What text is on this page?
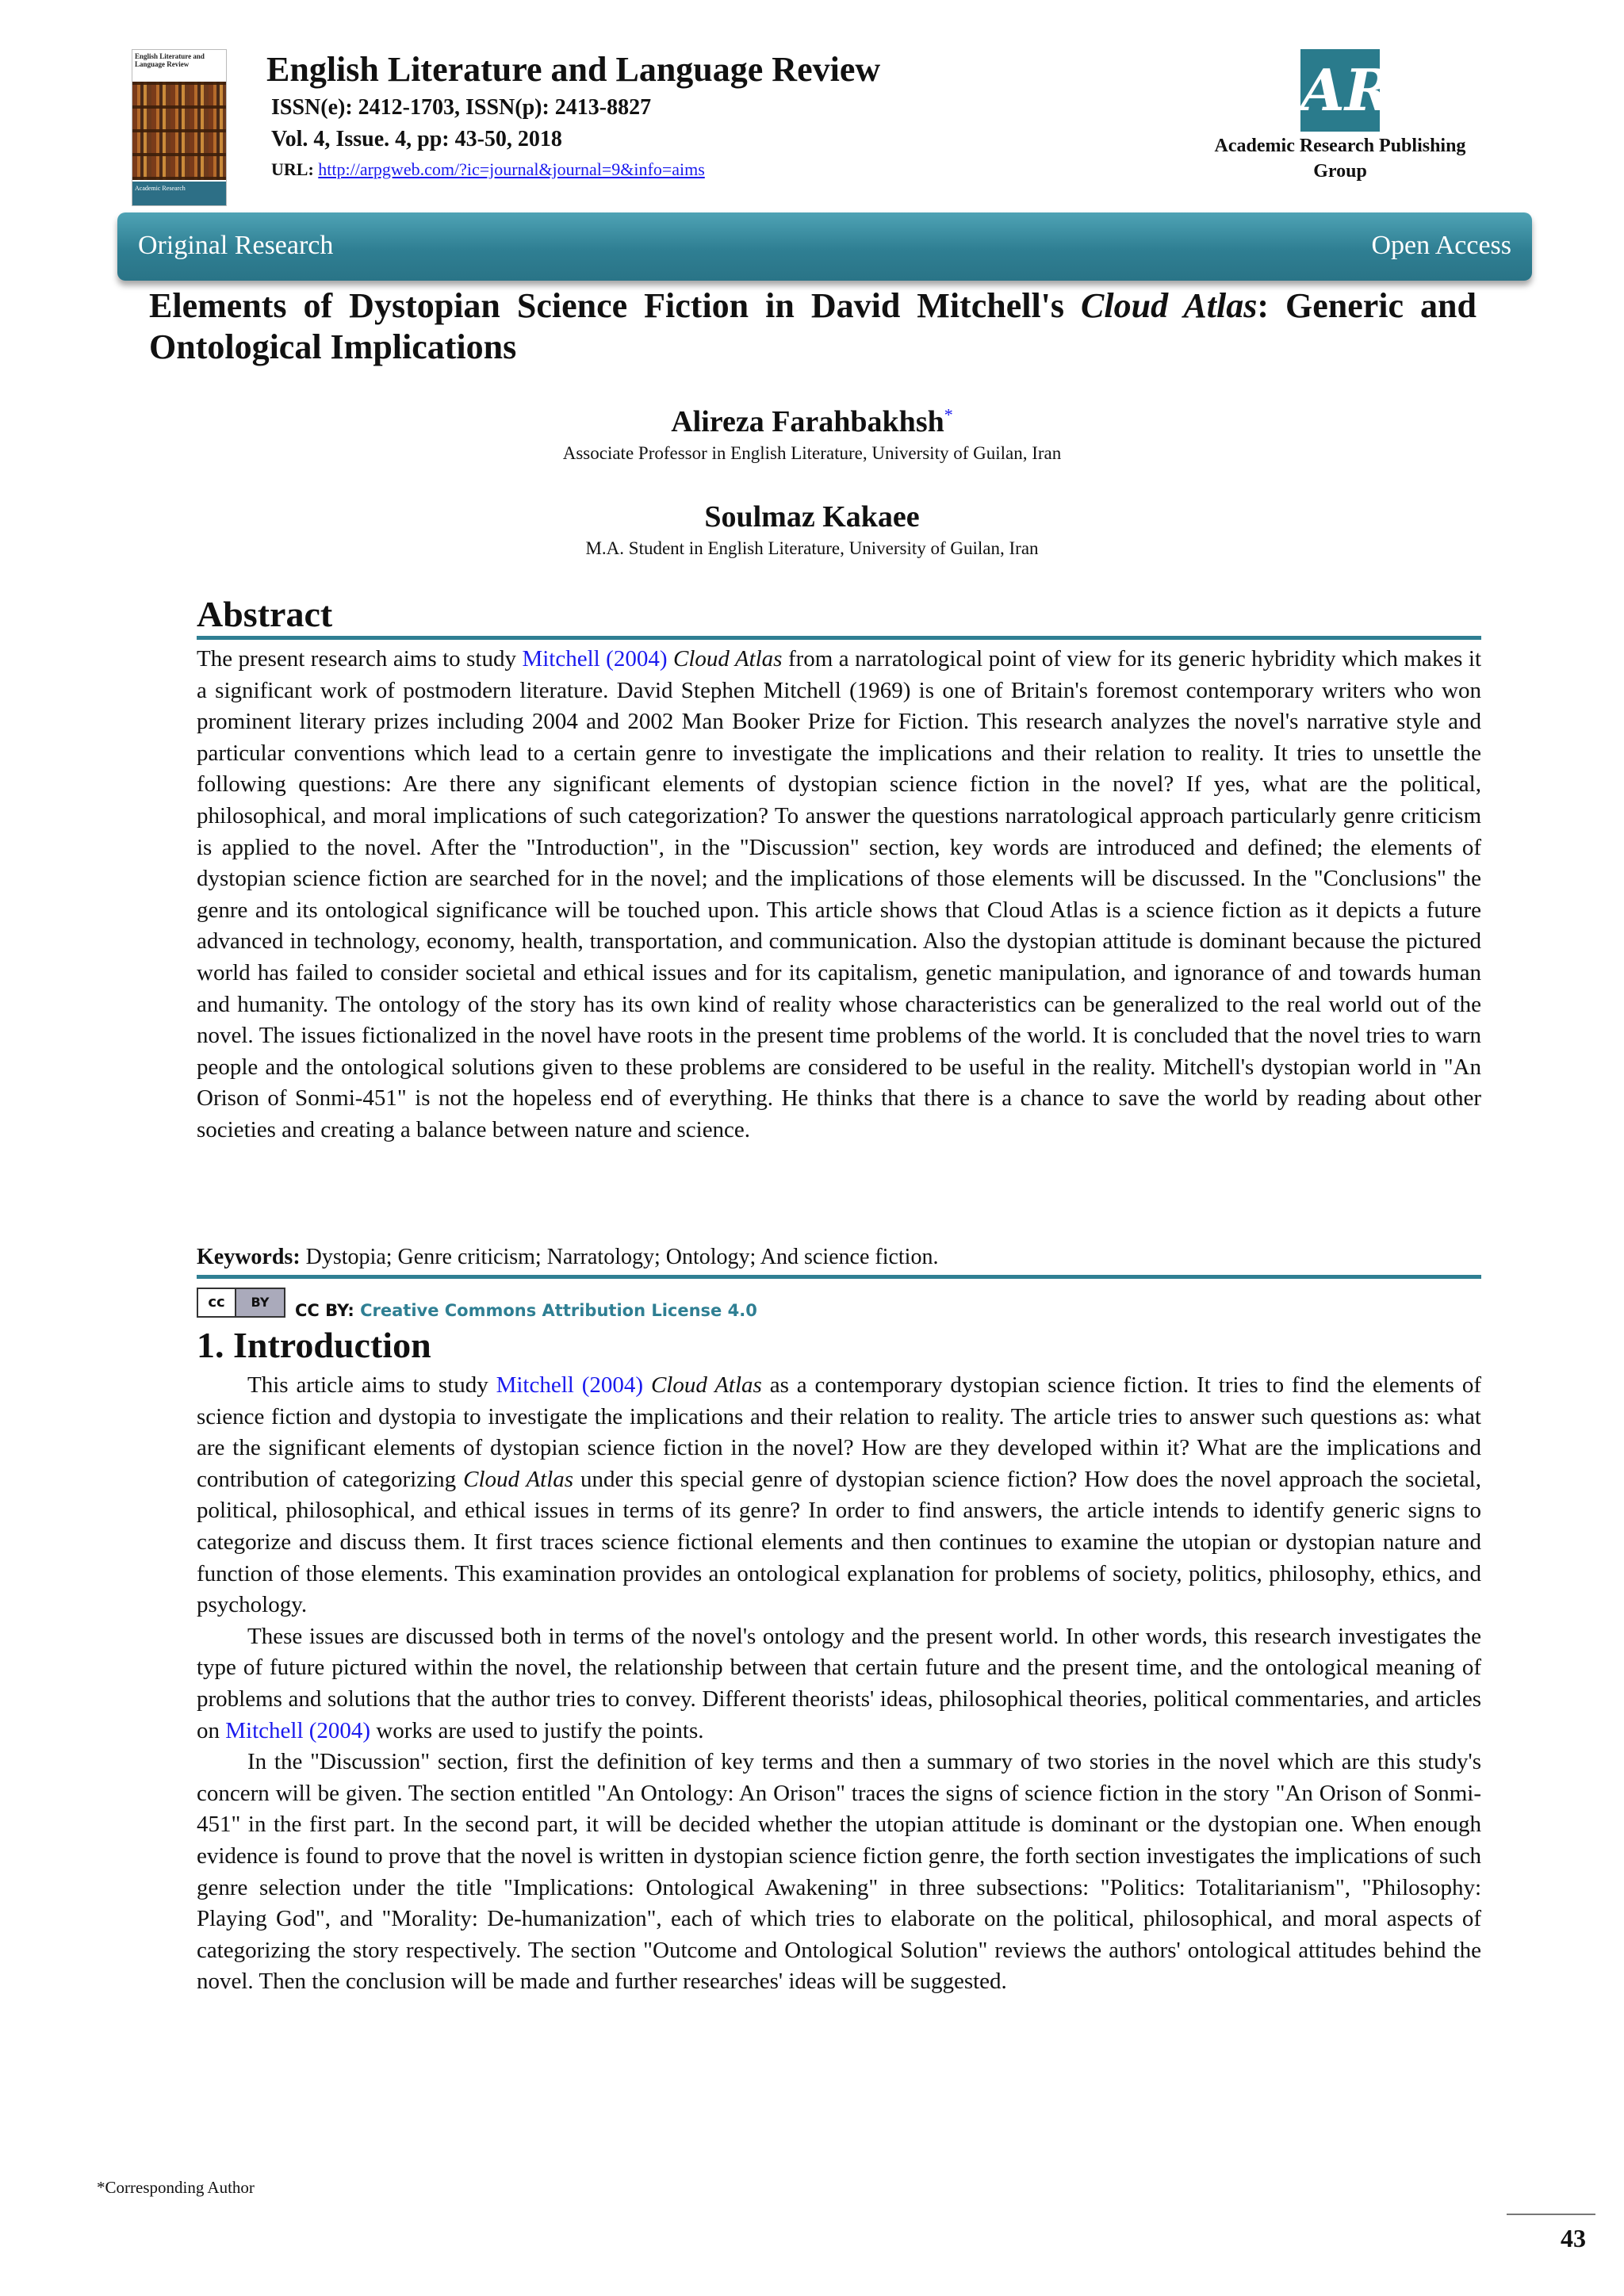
English Literature and Language Review
Academic Research
English Literature and Language Review
ISSN(e): 2412-1703, ISSN(p): 2413-8827
Vol. 4, Issue. 4, pp: 43-50, 2018
URL: http://arpgweb.com/?ic=journal&journal=9&info=aims
AR
Academic Research Publishing
Group
Original Research	Open Access
Elements of Dystopian Science Fiction in David Mitchell's Cloud Atlas: Generic and Ontological Implications
Alireza Farahbakhsh*
Associate Professor in English Literature, University of Guilan, Iran
Soulmaz Kakaee
M.A. Student in English Literature, University of Guilan, Iran
Abstract
The present research aims to study Mitchell (2004) Cloud Atlas from a narratological point of view for its generic hybridity which makes it a significant work of postmodern literature. David Stephen Mitchell (1969) is one of Britain's foremost contemporary writers who won prominent literary prizes including 2004 and 2002 Man Booker Prize for Fiction. This research analyzes the novel's narrative style and particular conventions which lead to a certain genre to investigate the implications and their relation to reality. It tries to unsettle the following questions: Are there any significant elements of dystopian science fiction in the novel? If yes, what are the political, philosophical, and moral implications of such categorization? To answer the questions narratological approach particularly genre criticism is applied to the novel. After the "Introduction", in the "Discussion" section, key words are introduced and defined; the elements of dystopian science fiction are searched for in the novel; and the implications of those elements will be discussed. In the "Conclusions" the genre and its ontological significance will be touched upon. This article shows that Cloud Atlas is a science fiction as it depicts a future advanced in technology, economy, health, transportation, and communication. Also the dystopian attitude is dominant because the pictured world has failed to consider societal and ethical issues and for its capitalism, genetic manipulation, and ignorance of and towards human and humanity. The ontology of the story has its own kind of reality whose characteristics can be generalized to the real world out of the novel. The issues fictionalized in the novel have roots in the present time problems of the world. It is concluded that the novel tries to warn people and the ontological solutions given to these problems are considered to be useful in the reality. Mitchell's dystopian world in "An Orison of Sonmi-451" is not the hopeless end of everything. He thinks that there is a chance to save the world by reading about other societies and creating a balance between nature and science.
Keywords: Dystopia; Genre criticism; Narratology; Ontology; And science fiction.
cc	BY	CC BY: Creative Commons Attribution License 4.0
1. Introduction

This article aims to study Mitchell (2004) Cloud Atlas as a contemporary dystopian science fiction. It tries to find the elements of science fiction and dystopia to investigate the implications and their relation to reality. The article tries to answer such questions as: what are the significant elements of dystopian science fiction in the novel? How are they developed within it? What are the implications and contribution of categorizing Cloud Atlas under this special genre of dystopian science fiction? How does the novel approach the societal, political, philosophical, and ethical issues in terms of its genre? In order to find answers, the article intends to identify generic signs to categorize and discuss them. It first traces science fictional elements and then continues to examine the utopian or dystopian nature and function of those elements. This examination provides an ontological explanation for problems of society, politics, philosophy, ethics, and psychology.

These issues are discussed both in terms of the novel's ontology and the present world. In other words, this research investigates the type of future pictured within the novel, the relationship between that certain future and the present time, and the ontological meaning of problems and solutions that the author tries to convey. Different theorists' ideas, philosophical theories, political commentaries, and articles on Mitchell (2004) works are used to justify the points.

In the "Discussion" section, first the definition of key terms and then a summary of two stories in the novel which are this study's concern will be given. The section entitled "An Ontology: An Orison" traces the signs of science fiction in the story "An Orison of Sonmi-451" in the first part. In the second part, it will be decided whether the utopian attitude is dominant or the dystopian one. When enough evidence is found to prove that the novel is written in dystopian science fiction genre, the forth section investigates the implications of such genre selection under the title "Implications: Ontological Awakening" in three subsections: "Politics: Totalitarianism", "Philosophy: Playing God", and "Morality: De-humanization", each of which tries to elaborate on the political, philosophical, and moral aspects of categorizing the story respectively. The section "Outcome and Ontological Solution" reviews the authors' ontological attitudes behind the novel. Then the conclusion will be made and further researches' ideas will be suggested.

*Corresponding Author
43
